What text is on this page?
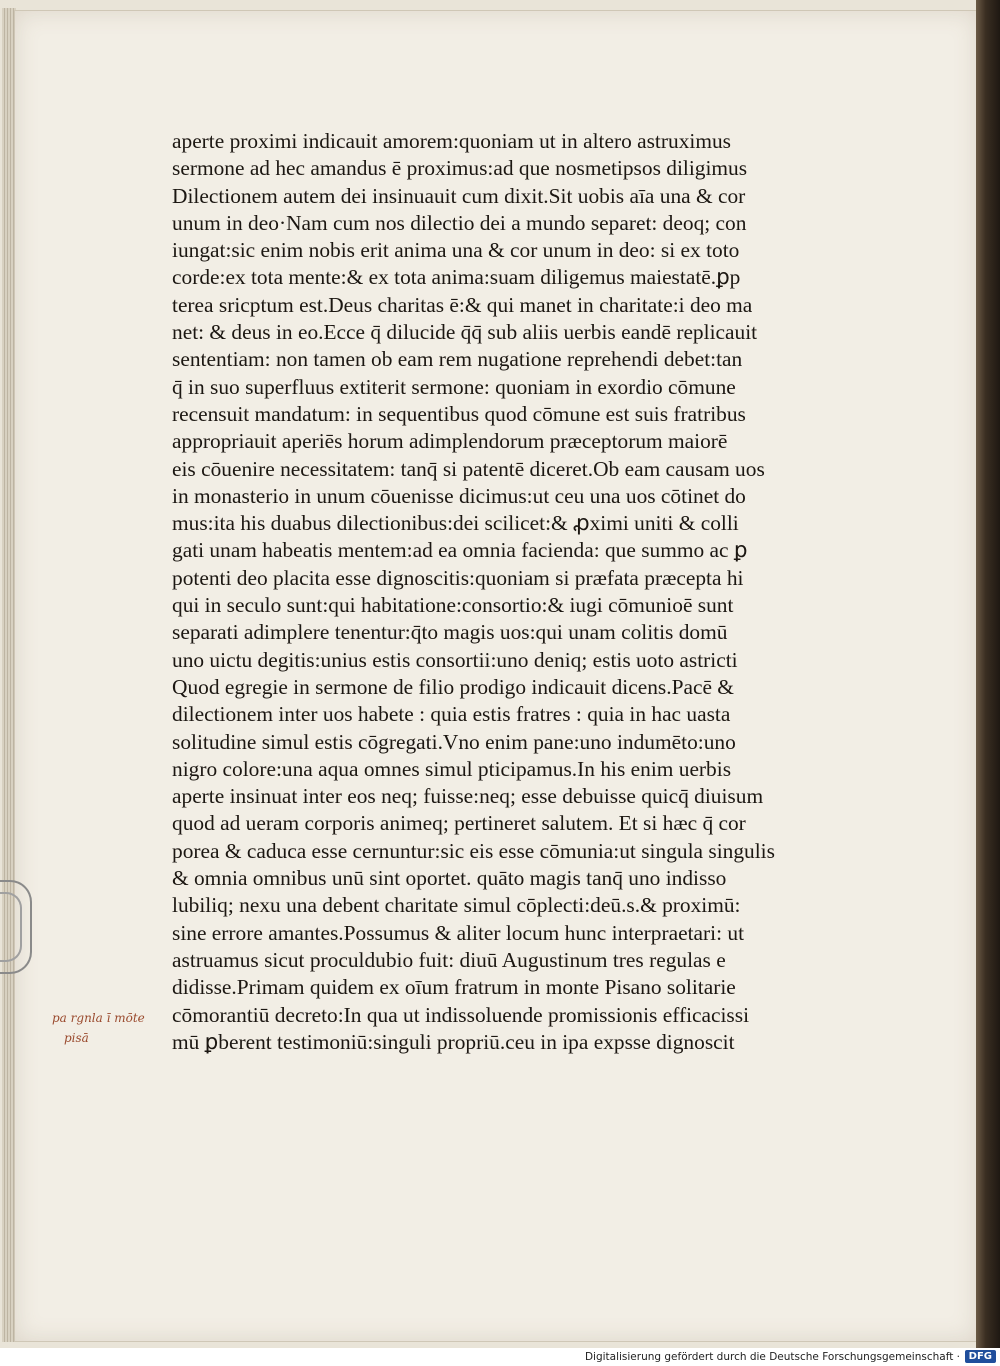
aperte proximi indicauit amorem:quoniam ut in altero astruximus
sermone ad hec amandus ē proximus:ad que nosmetipsos diligimus
Dilectionem autem dei insinuauit cum dixit.Sit uobis aīa una & cor
unum in deo·Nam cum nos dilectio dei a mundo separet: deoq; con
iungat:sic enim nobis erit anima una & cor unum in deo: si ex toto
corde:ex tota mente:& ex tota anima:suam diligemus maiestatē.ꝑp
terea sricptum est.Deus charitas ē:& qui manet in charitate:i deo ma
net: & deus in eo.Ecce q̄ dilucide q̄q̄ sub aliis uerbis eandē replicauit
sententiam: non tamen ob eam rem nugatione reprehendi debet:tan
q̄ in suo superfluus extiterit sermone: quoniam in exordio cōmune
recensuit mandatum: in sequentibus quod cōmune est suis fratribus
appropriauit aperiēs horum adimplendorum præceptorum maiorē
eis cōuenire necessitatem: tanq̄ si patentē diceret.Ob eam causam uos
in monasterio in unum cōuenisse dicimus:ut ceu una uos cōtinet do
mus:ita his duabus dilectionibus:dei scilicet:& ꝓximi uniti & colli
gati unam habeatis mentem:ad ea omnia facienda: que summo ac ꝑ
potenti deo placita esse dignoscitis:quoniam si præfata præcepta hi
qui in seculo sunt:qui habitatione:consortio:& iugi cōmunioē sunt
separati adimplere tenentur:q̄to magis uos:qui unam colitis domū
uno uictu degitis:unius estis consortii:uno deniq; estis uoto astricti
Quod egregie in sermone de filio prodigo indicauit dicens.Pacē &
dilectionem inter uos habete : quia estis fratres : quia in hac uasta
solitudine simul estis cōgregati.Vno enim pane:uno indumēto:uno
nigro colore:una aqua omnes simul pticipamus.In his enim uerbis
aperte insinuat inter eos neq; fuisse:neq; esse debuisse quicq̄ diuisum
quod ad ueram corporis animeq; pertineret salutem. Et si hæc q̄ cor
porea & caduca esse cernuntur:sic eis esse cōmunia:ut singula singulis
& omnia omnibus unū sint oportet. quāto magis tanq̄ uno indisso
lubiliq; nexu una debent charitate simul cōplecti:deū.s.& proximū:
sine errore amantes.Possumus & aliter locum hunc interpraetari: ut
astruamus sicut proculdubio fuit: diuū Augustinum tres regulas e
didisse.Primam quidem ex oīum fratrum in monte Pisano solitarie
cōmorantiū decreto:In qua ut indissoluende promissionis efficacissi
mū ꝑberent testimoniū:singuli propriū.ceu in ipa expsse dignoscit
pa rgnla ī mōte
pisā
Digitalisierung gefördert durch die Deutsche Forschungsgemeinschaft · DFG
